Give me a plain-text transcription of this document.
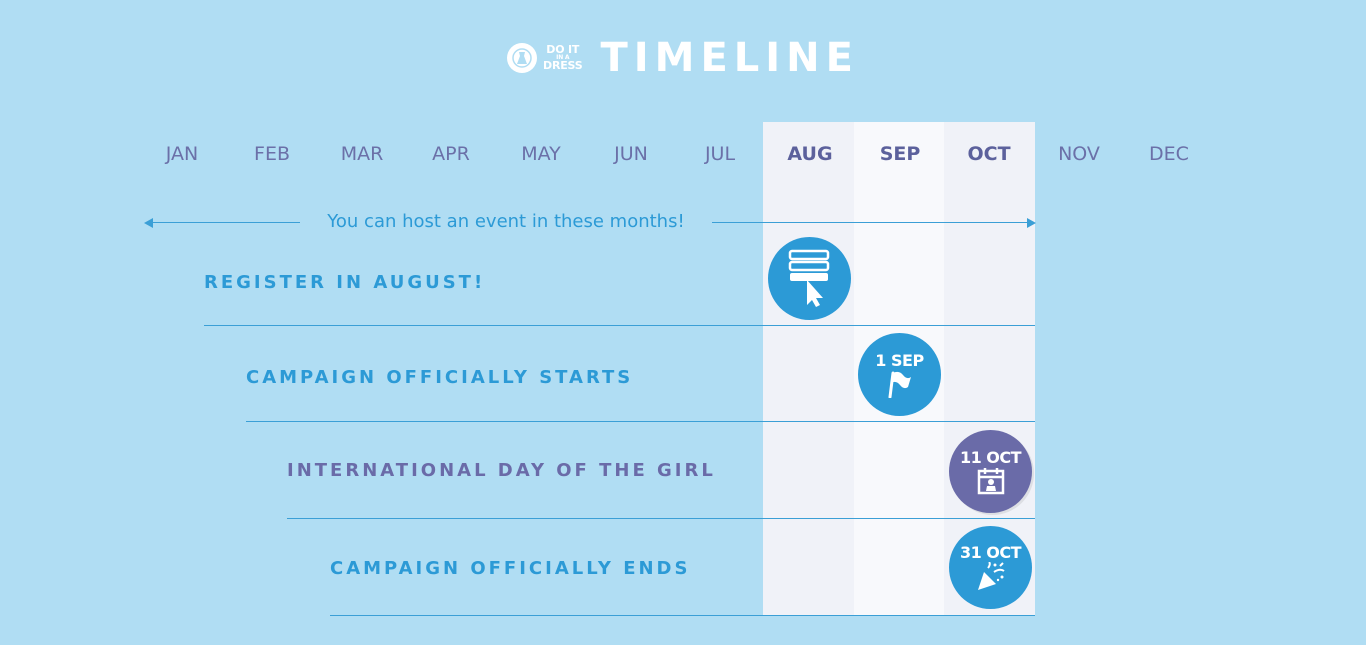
DO IT
IN A
DRESS TIMELINE
JAN	FEB	MAR	APR	MAY	JUN	JUL	AUG	SEP	OCT	NOV	DEC
You can host an event in these months!
REGISTER IN AUGUST!
CAMPAIGN OFFICIALLY STARTS
1 SEP
INTERNATIONAL DAY OF THE GIRL
11 OCT
CAMPAIGN OFFICIALLY ENDS
31 OCT
